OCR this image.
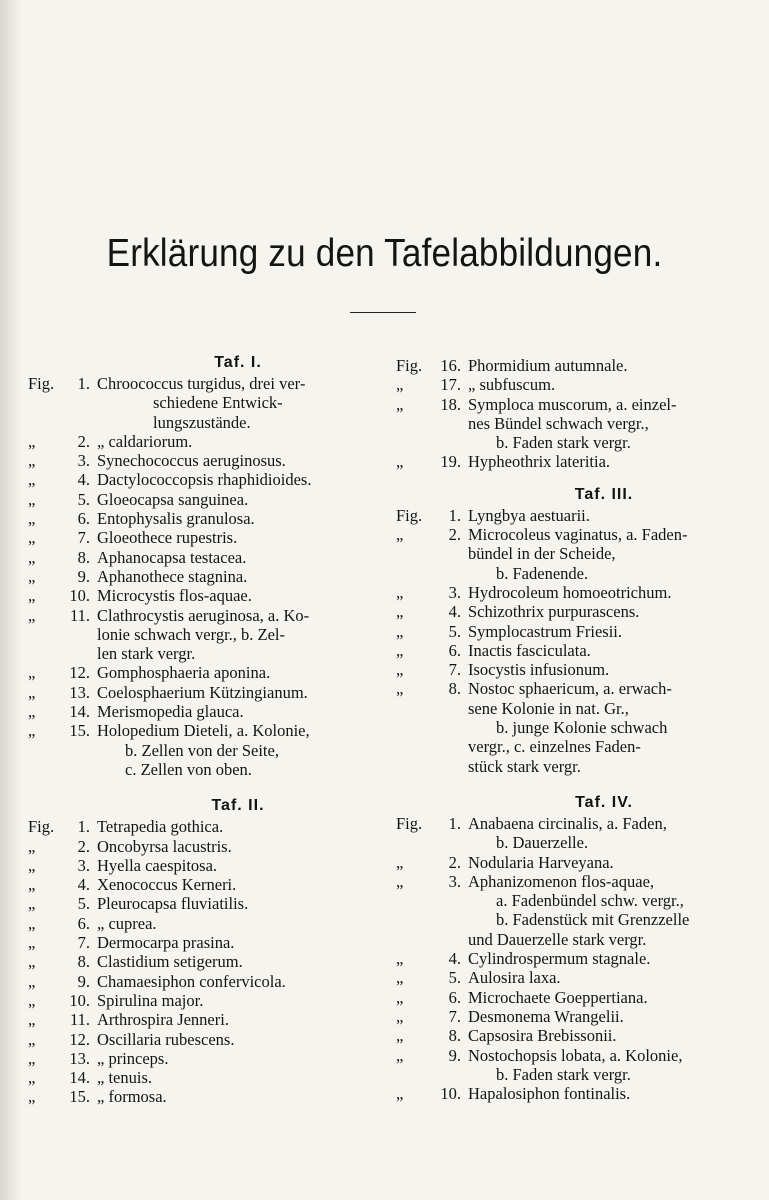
Erklärung zu den Tafelabbildungen.
Taf. I.
Fig.	1. Chroococcus turgidus, drei ver-
schiedene Entwick-
lungszustände.
„	2. „ caldariorum.
„	3. Synechococcus aeruginosus.
„	4. Dactylococcopsis rhaphidioides.
„	5. Gloeocapsa sanguinea.
„	6. Entophysalis granulosa.
„	7. Gloeothece rupestris.
„	8. Aphanocapsa testacea.
„	9. Aphanothece stagnina.
„	10. Microcystis flos-aquae.
„	11. Clathrocystis aeruginosa, a. Ko-
lonie schwach vergr., b. Zel-
len stark vergr.
„	12. Gomphosphaeria aponina.
„	13. Coelosphaerium Kützingianum.
„	14. Merismopedia glauca.
„	15. Holopedium Dieteli, a. Kolonie,
b. Zellen von der Seite,
c. Zellen von oben.
Taf. II.
Fig.	1. Tetrapedia gothica.
„	2. Oncobyrsa lacustris.
„	3. Hyella caespitosa.
„	4. Xenococcus Kerneri.
„	5. Pleurocapsa fluviatilis.
„	6. „ cuprea.
„	7. Dermocarpa prasina.
„	8. Clastidium setigerum.
„	9. Chamaesiphon confervicola.
„	10. Spirulina major.
„	11. Arthrospira Jenneri.
„	12. Oscillaria rubescens.
„	13. „ princeps.
„	14. „ tenuis.
„	15. „ formosa.
Fig.	16. Phormidium autumnale.
„	17. „ subfuscum.
„	18. Symploca muscorum, a. einzel-
nes Bündel schwach vergr.,
b. Faden stark vergr.
„	19. Hypheothrix lateritia.
Taf. III.
Fig.	1. Lyngbya aestuarii.
„	2. Microcoleus vaginatus, a. Faden-
bündel in der Scheide,
b. Fadenende.
„	3. Hydrocoleum homoeotrichum.
„	4. Schizothrix purpurascens.
„	5. Symplocastrum Friesii.
„	6. Inactis fasciculata.
„	7. Isocystis infusionum.
„	8. Nostoc sphaericum, a. erwach-
sene Kolonie in nat. Gr.,
b. junge Kolonie schwach
vergr., c. einzelnes Faden-
stück stark vergr.
Taf. IV.
Fig.	1. Anabaena circinalis, a. Faden,
b. Dauerzelle.
„	2. Nodularia Harveyana.
„	3. Aphanizomenon flos-aquae,
a. Fadenbündel schw. vergr.,
b. Fadenstück mit Grenzzelle
und Dauerzelle stark vergr.
„	4. Cylindrospermum stagnale.
„	5. Aulosira laxa.
„	6. Microchaete Goeppertiana.
„	7. Desmonema Wrangelii.
„	8. Capsosira Brebissonii.
„	9. Nostochopsis lobata, a. Kolonie,
b. Faden stark vergr.
„	10. Hapalosiphon fontinalis.
